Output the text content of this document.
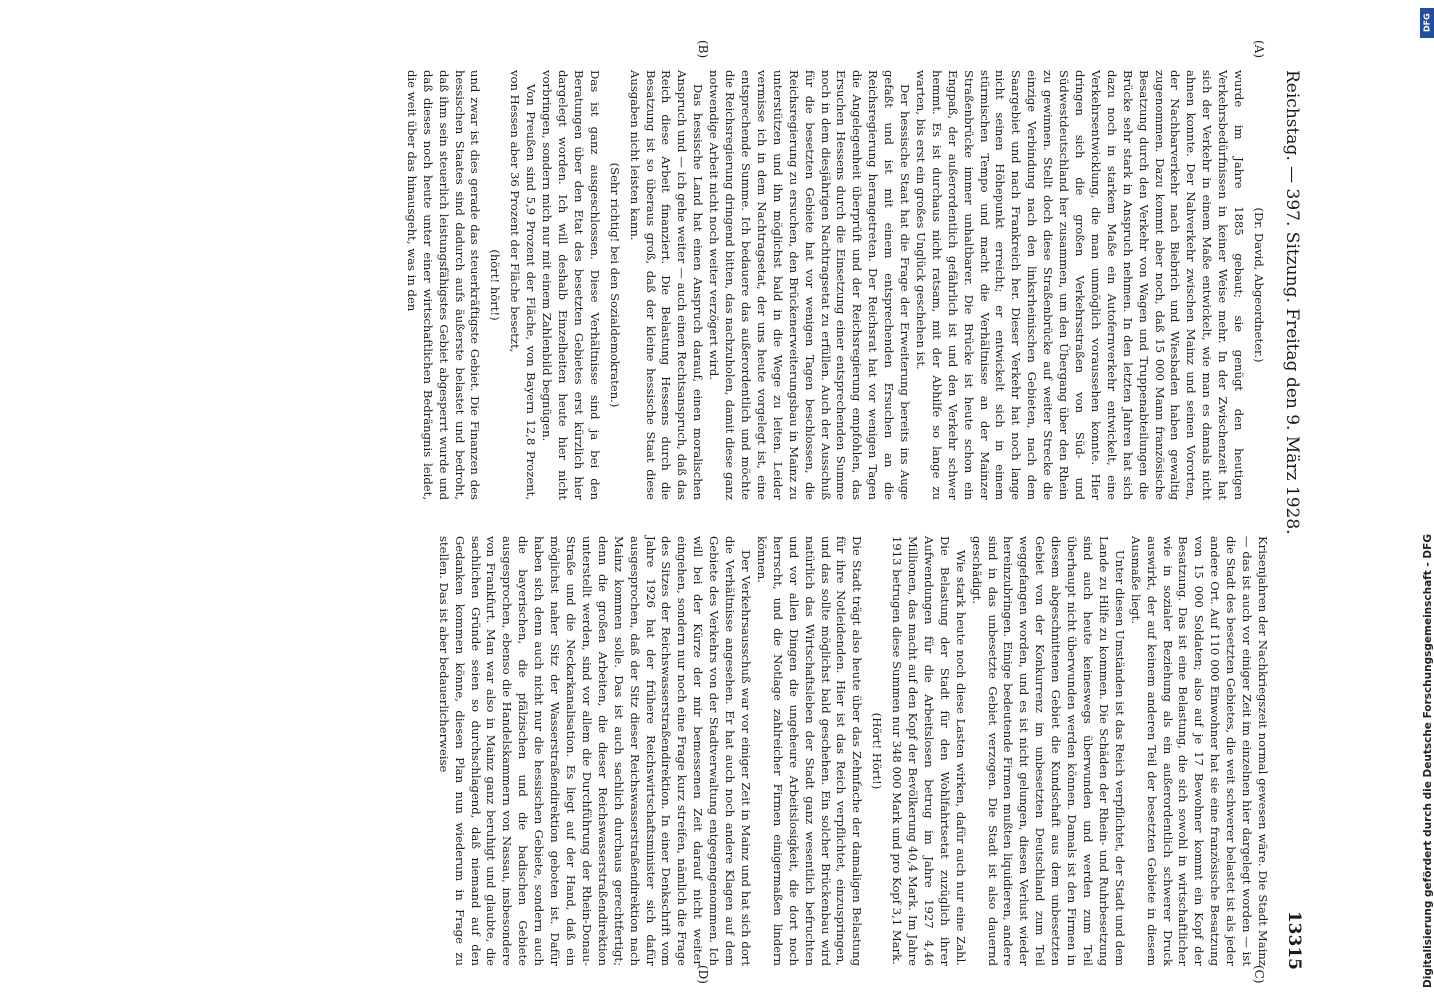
Reichstag. — 397. Sitzung. Freitag den 9. März 1928.
13315
(A)
(B)
(C)
(D)

(Dr. David, Abgeordneter.)

wurde im Jahre 1885 gebaut; sie genügt den heutigen Verkehrsbedürfnissen in keiner Weise mehr. In der Zwischenzeit hat sich der Verkehr in einem Maße entwickelt, wie man es damals nicht ahnen konnte. Der Nahverkehr zwischen Mainz und seinen Vororten, der Nachbarverkehr nach Biebrich und Wiesbaden haben gewaltig zugenommen. Dazu kommt aber noch, daß 15 000 Mann französische Besatzung durch den Verkehr von Wagen und Truppenabteilungen die Brücke sehr stark in Anspruch nehmen. In den letzten Jahren hat sich dazu noch in starkem Maße ein Autofernverkehr entwickelt, eine Verkehrsentwicklung, die man unmöglich voraussehen konnte. Hier dringen sich die großen Verkehrsstraßen von Süd- und Südwestdeutschland her zusammen, um den Übergang über den Rhein zu gewinnen. Stellt doch diese Straßenbrücke auf weiter Strecke die einzige Verbindung nach den linksrheinischen Gebieten, nach dem Saargebiet und nach Frankreich her. Dieser Verkehr hat noch lange nicht seinen Höhepunkt erreicht; er entwickelt sich in einem stürmischen Tempo und macht die Verhältnisse an der Mainzer Straßenbrücke immer unhaltbarer. Die Brücke ist heute schon ein Engpaß, der außerordentlich gefährlich ist und den Verkehr schwer hemmt. Es ist durchaus nicht ratsam, mit der Abhilfe so lange zu warten, bis erst ein großes Unglück geschehen ist.

Der hessische Staat hat die Frage der Erweiterung bereits ins Auge gefaßt und ist mit einem entsprechenden Ersuchen an die Reichsregierung herangetreten. Der Reichsrat hat vor wenigen Tagen die Angelegenheit überprüft und der Reichsregierung empfohlen, das Ersuchen Hessens durch die Einsetzung einer entsprechenden Summe noch in dem diesjährigen Nachtragsetat zu erfüllen. Auch der Ausschuß für die besetzten Gebiete hat vor wenigen Tagen beschlossen, die Reichsregierung zu ersuchen, den Brückenerweiterungsbau in Mainz zu unterstützen und ihn möglichst bald in die Wege zu leiten. Leider vermisse ich in dem Nachtragsetat, der uns heute vorgelegt ist, eine entsprechende Summe. Ich bedauere das außerordentlich und möchte die Reichsregierung dringend bitten, das nachzuholen, damit diese ganz notwendige Arbeit nicht noch weiter verzögert wird.

Das hessische Land hat einen Anspruch darauf, einen moralischen Anspruch und — ich gehe weiter — auch einen Rechtsanspruch, daß das Reich diese Arbeit finanziert. Die Belastung Hessens durch die Besatzung ist so überaus groß, daß der kleine hessische Staat diese Ausgaben nicht leisten kann.

(Sehr richtig! bei den Sozialdemokraten.)

Das ist ganz ausgeschlossen. Diese Verhältnisse sind ja bei den Beratungen über den Etat des besetzten Gebietes erst kürzlich hier dargelegt worden. Ich will deshalb Einzelheiten heute hier nicht vorbringen, sondern mich nur mit einem Zahlenbild begnügen.

Von Preußen sind 5,9 Prozent der Fläche, von Bayern 12,8 Prozent, von Hessen aber 36 Prozent der Fläche besetzt,

(hört! hört!)

und zwar ist dies gerade das steuerkräftigste Gebiet. Die Finanzen des hessischen Staates sind dadurch aufs äußerste belastet und bedroht, daß ihm sein steuerlich leistungsfähigstes Gebiet abgesperrt wurde und daß dieses noch heute unter einer wirtschaftlichen Bedrängnis leidet, die weit über das hinausgeht, was in den

Krisenjahren der Nachkriegszeit normal gewesen wäre. Die Stadt Mainz — das ist auch vor einiger Zeit im einzelnen hier dargelegt worden — ist die Stadt des besetzten Gebietes, die weit schwerer belastet ist als jeder andere Ort. Auf 110 000 Einwohner hat sie eine französische Besatzung von 15 000 Soldaten; also auf je 17 Bewohner kommt ein Kopf der Besatzung. Das ist eine Belastung, die sich sowohl in wirtschaftlicher wie in sozialer Beziehung als ein außerordentlich schwerer Druck auswirkt, der auf keinem anderen Teil der besetzten Gebiete in diesem Ausmaße liegt.

Unter diesen Umständen ist das Reich verpflichtet, der Stadt und dem Lande zu Hilfe zu kommen. Die Schäden der Rhein- und Ruhrbesetzung sind auch heute keineswegs überwunden und werden zum Teil überhaupt nicht überwunden werden können. Damals ist den Firmen in diesem abgeschnittenen Gebiet die Kundschaft aus dem unbesetzten Gebiet von der Konkurrenz im unbesetzten Deutschland zum Teil weggefangen worden, und es ist nicht gelungen, diesen Verlust wieder hereinzubringen. Einige bedeutende Firmen mußten liquidieren, andere sind in das unbesetzte Gebiet verzogen. Die Stadt ist also dauernd geschädigt.

Wie stark heute noch diese Lasten wirken, dafür auch nur eine Zahl. Die Belastung der Stadt für den Wohlfahrtsetat zuzüglich ihrer Aufwendungen für die Arbeitslosen betrug im Jahre 1927 4,46 Millionen, das macht auf den Kopf der Bevölkerung 40,4 Mark. Im Jahre 1913 betrugen diese Summen nur 348 000 Mark und pro Kopf 3,1 Mark.

(Hört! Hört!)

Die Stadt trägt also heute über das Zehnfache der damaligen Belastung für ihre Notleidenden. Hier ist das Reich verpflichtet, einzuspringen, und das sollte möglichst bald geschehen. Ein solcher Brückenbau wird natürlich das Wirtschaftsleben der Stadt ganz wesentlich befruchten und vor allen Dingen die ungeheure Arbeitslosigkeit, die dort noch herrscht, und die Notlage zahlreicher Firmen einigermaßen lindern können.

Der Verkehrsausschuß war vor einiger Zeit in Mainz und hat sich dort die Verhältnisse angesehen. Er hat auch noch andere Klagen auf dem Gebiete des Verkehrs von der Stadtverwaltung entgegengenommen. Ich will bei der Kürze der mir bemessenen Zeit darauf nicht weiter eingehen, sondern nur noch eine Frage kurz streifen, nämlich die Frage des Sitzes der Reichswasserstraßendirektion. In einer Denkschrift vom Jahre 1926 hat der frühere Reichswirtschaftsminister sich dafür ausgesprochen, daß der Sitz dieser Reichswasserstraßendirektion nach Mainz kommen solle. Das ist auch sachlich durchaus gerechtfertigt; denn die großen Arbeiten, die dieser Reichswasserstraßendirektion unterstellt werden, sind vor allem die Durchführung der Rhein-Donau-Straße und die Neckarkanalisation. Es liegt auf der Hand, daß ein möglichst naher Sitz der Wasserstraßendirektion geboten ist. Dafür haben sich denn auch nicht nur die hessischen Gebiete, sondern auch die bayerischen, die pfälzischen und die badischen Gebiete ausgesprochen, ebenso die Handelskammern von Nassau, insbesondere von Frankfurt. Man war also in Mainz ganz beruhigt und glaubte, die sachlichen Gründe seien so durchschlagend, daß niemand auf den Gedanken kommen könne, diesen Plan nun wiederum in Frage zu stellen. Das ist aber bedauerlicherweise

DFG
Digitalisierung gefördert durch die Deutsche Forschungsgemeinschaft - DFG
